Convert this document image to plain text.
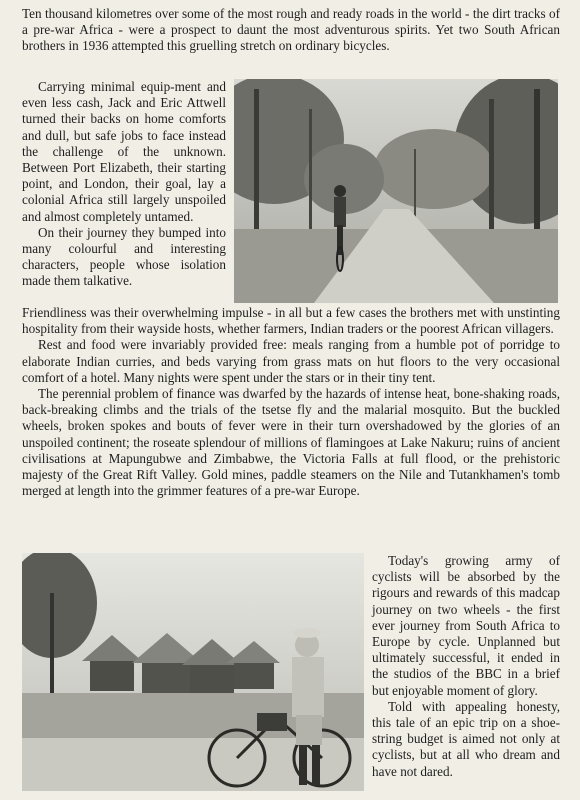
Ten thousand kilometres over some of the most rough and ready roads in the world - the dirt tracks of a pre-war Africa - were a prospect to daunt the most adventurous spirits. Yet two South African brothers in 1936 attempted this gruelling stretch on ordinary bicycles.

Carrying minimal equip-ment and even less cash, Jack and Eric Attwell turned their backs on home comforts and dull, but safe jobs to face instead the challenge of the unknown. Between Port Elizabeth, their starting point, and London, their goal, lay a colonial Africa still largely unspoiled and almost completely untamed.

On their journey they bumped into many colourful and interesting characters, people whose isolation made them talkative.

Friendliness was their overwhelming impulse - in all but a few cases the brothers met with unstinting hospitality from their wayside hosts, whether farmers, Indian traders or the poorest African villagers.

Rest and food were invariably provided free: meals ranging from a humble pot of porridge to elaborate Indian curries, and beds varying from grass mats on hut floors to the very occasional comfort of a hotel. Many nights were spent under the stars or in their tiny tent.

The perennial problem of finance was dwarfed by the hazards of intense heat, bone-shaking roads, back-breaking climbs and the trials of the tsetse fly and the malarial mosquito. But the buckled wheels, broken spokes and bouts of fever were in their turn overshadowed by the glories of an unspoiled continent; the roseate splendour of millions of flamingoes at Lake Nakuru; ruins of ancient civilisations at Mapungubwe and Zimbabwe, the Victoria Falls at full flood, or the prehistoric majesty of the Great Rift Valley. Gold mines, paddle steamers on the Nile and Tutankhamen's tomb merged at length into the grimmer features of a pre-war Europe.

Today's growing army of cyclists will be absorbed by the rigours and rewards of this madcap journey on two wheels - the first ever journey from South Africa to Europe by cycle. Unplanned but ultimately successful, it ended in the studios of the BBC in a brief but enjoyable moment of glory.

Told with appealing honesty, this tale of an epic trip on a shoe-string budget is aimed not only at cyclists, but at all who dream and have not dared.
